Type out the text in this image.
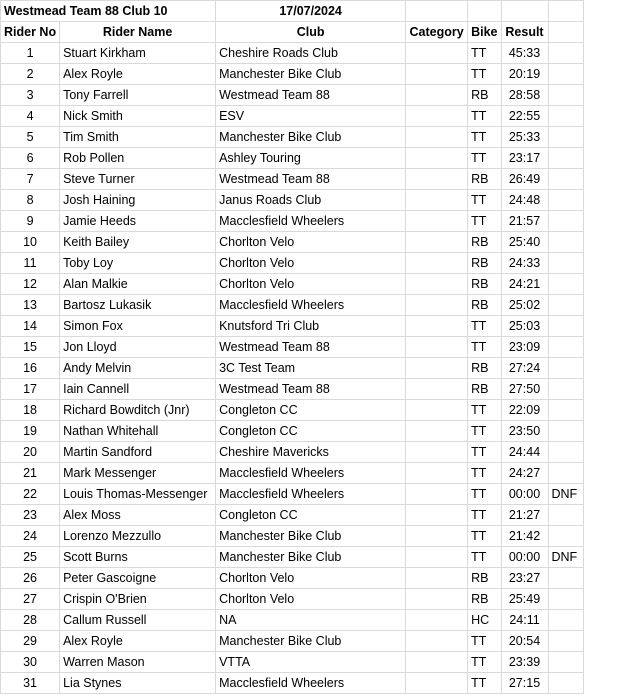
Westmead Team 88 Club 10		17/07/2024				
Rider No	Rider Name	Club	Category	Bike	Result	
1	Stuart Kirkham	Cheshire Roads Club		TT	45:33	
2	Alex Royle	Manchester Bike Club		TT	20:19	
3	Tony Farrell	Westmead Team 88		RB	28:58	
4	Nick Smith	ESV		TT	22:55	
5	Tim Smith	Manchester Bike Club		TT	25:33	
6	Rob Pollen	Ashley Touring		TT	23:17	
7	Steve Turner	Westmead Team 88		RB	26:49	
8	Josh Haining	Janus Roads Club		TT	24:48	
9	Jamie Heeds	Macclesfield Wheelers		TT	21:57	
10	Keith Bailey	Chorlton Velo		RB	25:40	
11	Toby Loy	Chorlton Velo		RB	24:33	
12	Alan Malkie	Chorlton Velo		RB	24:21	
13	Bartosz Lukasik	Macclesfield Wheelers		RB	25:02	
14	Simon Fox	Knutsford Tri Club		TT	25:03	
15	Jon Lloyd	Westmead Team 88		TT	23:09	
16	Andy Melvin	3C Test Team		RB	27:24	
17	Iain Cannell	Westmead Team 88		RB	27:50	
18	Richard Bowditch (Jnr)	Congleton CC		TT	22:09	
19	Nathan Whitehall	Congleton CC		TT	23:50	
20	Martin Sandford	Cheshire Mavericks		TT	24:44	
21	Mark Messenger	Macclesfield Wheelers		TT	24:27	
22	Louis Thomas-Messenger	Macclesfield Wheelers		TT	00:00	DNF
23	Alex Moss	Congleton CC		TT	21:27	
24	Lorenzo Mezzullo	Manchester Bike Club		TT	21:42	
25	Scott Burns	Manchester Bike Club		TT	00:00	DNF
26	Peter Gascoigne	Chorlton Velo		RB	23:27	
27	Crispin O'Brien	Chorlton Velo		RB	25:49	
28	Callum Russell	NA		HC	24:11	
29	Alex Royle	Manchester Bike Club		TT	20:54	
30	Warren Mason	VTTA		TT	23:39	
31	Lia Stynes	Macclesfield Wheelers		TT	27:15	
